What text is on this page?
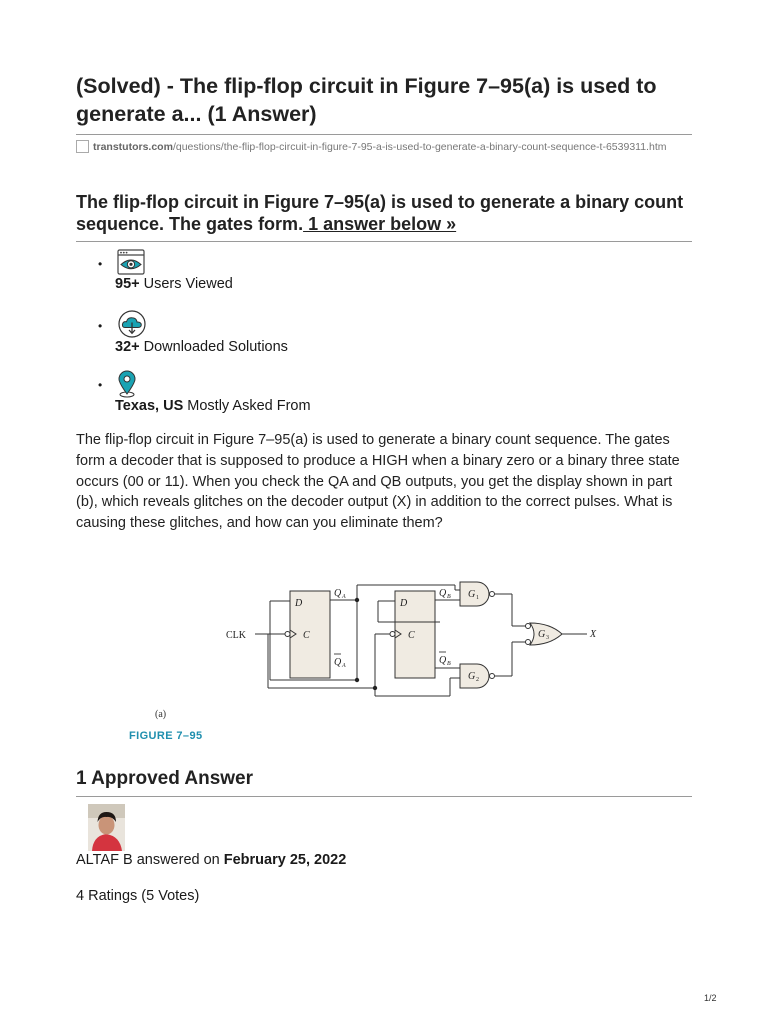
(Solved) - The flip-flop circuit in Figure 7–95(a) is used to generate a... (1 Answer)
transtutors.com/questions/the-flip-flop-circuit-in-figure-7-95-a-is-used-to-generate-a-binary-count-sequence-t-6539311.htm
The flip-flop circuit in Figure 7–95(a) is used to generate a binary count sequence. The gates form. 1 answer below »
•
95+ Users Viewed
•
32+ Downloaded Solutions
•
Texas, US Mostly Asked From
The flip-flop circuit in Figure 7–95(a) is used to generate a binary count sequence. The gates form a decoder that is supposed to produce a HIGH when a binary zero or a binary three state occurs (00 or 11). When you check the QA and QB outputs, you get the display shown in part (b), which reveals glitches on the decoder output (X) in addition to the correct pulses. What is causing these glitches, and how can you eliminate them?
CLK
D
C
D
C
Q A
Q A
Q B
Q B
G 1
G 2
G 3	X
(a)
FIGURE 7–95
1 Approved Answer
ALTAF B answered on February 25, 2022
4 Ratings (5 Votes)
1/2
